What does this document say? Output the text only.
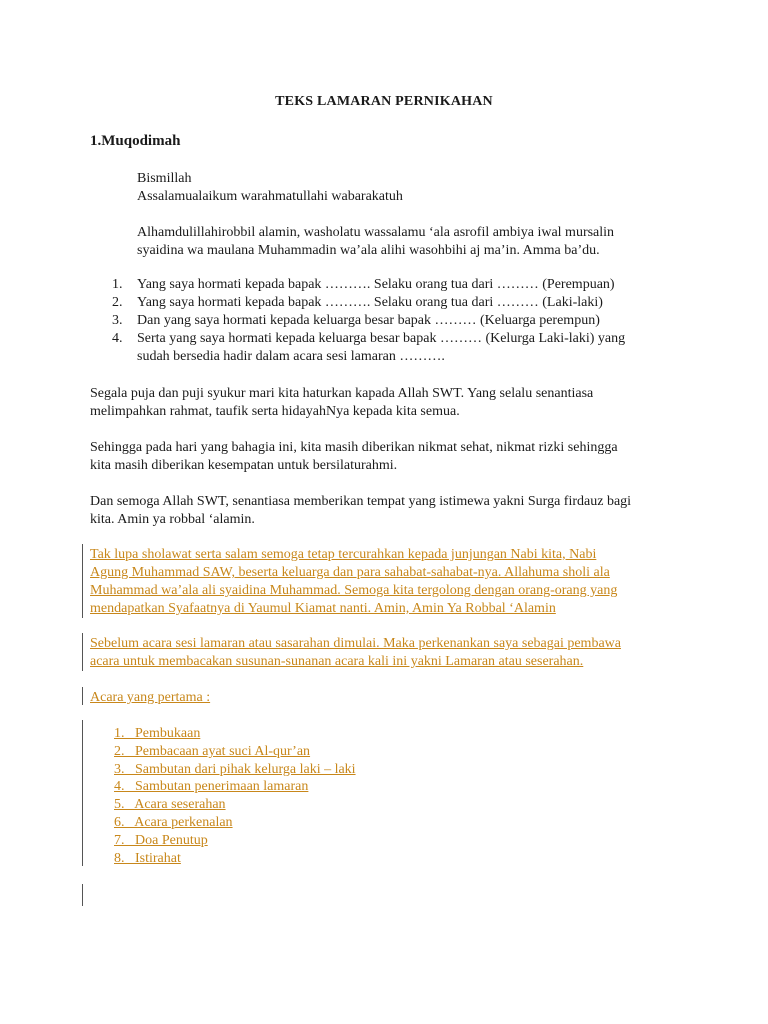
TEKS LAMARAN PERNIKAHAN
1.Muqodimah
Bismillah
Assalamualaikum warahmatullahi wabarakatuh
Alhamdulillahirobbil alamin, washolatu wassalamu ‘ala asrofil ambiya iwal mursalin
syaidina wa maulana Muhammadin wa’ala alihi wasohbihi aj ma’in. Amma ba’du.
1. Yang saya hormati kepada bapak ………. Selaku orang tua dari ……… (Perempuan)
2. Yang saya hormati kepada bapak ………. Selaku orang tua dari ……… (Laki-laki)
3. Dan yang saya hormati kepada keluarga besar bapak ……… (Keluarga perempun)
4. Serta yang saya hormati kepada keluarga besar bapak ……… (Kelurga Laki-laki) yang
sudah bersedia hadir dalam acara sesi lamaran ……….
Segala puja dan puji syukur mari kita haturkan kapada Allah SWT. Yang selalu senantiasa
melimpahkan rahmat, taufik serta hidayahNya kepada kita semua.
Sehingga pada hari yang bahagia ini, kita masih diberikan nikmat sehat, nikmat rizki sehingga
kita masih diberikan kesempatan untuk bersilaturahmi.
Dan semoga Allah SWT, senantiasa memberikan tempat yang istimewa yakni Surga firdauz bagi
kita. Amin ya robbal ‘alamin.
Tak lupa sholawat serta salam semoga tetap tercurahkan kepada junjungan Nabi kita, Nabi
Agung Muhammad SAW, beserta keluarga dan para sahabat-sahabat-nya. Allahuma sholi ala
Muhammad wa’ala ali syaidina Muhammad. Semoga kita tergolong dengan orang-orang yang
mendapatkan Syafaatnya di Yaumul Kiamat nanti. Amin, Amin Ya Robbal ‘Alamin
Sebelum acara sesi lamaran atau sasarahan dimulai. Maka perkenankan saya sebagai pembawa
acara untuk membacakan susunan-sunanan acara kali ini yakni Lamaran atau seserahan.
Acara yang pertama :
1.   Pembukaan
2.   Pembacaan ayat suci Al-qur’an
3.   Sambutan dari pihak kelurga laki – laki
4.   Sambutan penerimaan lamaran
5.   Acara seserahan
6.   Acara perkenalan
7.   Doa Penutup
8.   Istirahat
